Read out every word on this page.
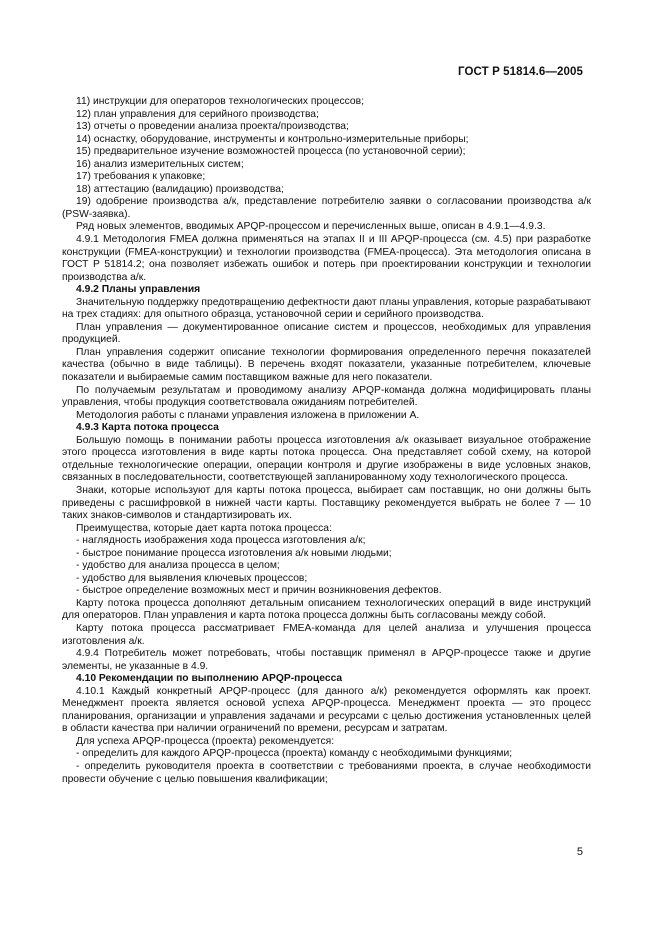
ГОСТ Р 51814.6—2005

11) инструкции для операторов технологических процессов;

12) план управления для серийного производства;

13) отчеты о проведении анализа проекта/производства;

14) оснастку, оборудование, инструменты и контрольно-измерительные приборы;

15) предварительное изучение возможностей процесса (по установочной серии);

16) анализ измерительных систем;

17) требования к упаковке;

18) аттестацию (валидацию) производства;

19) одобрение производства а/к, представление потребителю заявки о согласовании производства а/к (PSW-заявка).

Ряд новых элементов, вводимых APQP-процессом и перечисленных выше, описан в 4.9.1—4.9.3.

4.9.1 Методология FMEA должна применяться на этапах II и III APQP-процесса (см. 4.5) при разработке конструкции (FMEA-конструкции) и технологии производства (FMEA-процесса). Эта методология описана в ГОСТ Р 51814.2; она позволяет избежать ошибок и потерь при проектировании конструкции и технологии производства а/к.

4.9.2 Планы управления

Значительную поддержку предотвращению дефектности дают планы управления, которые разрабатывают на трех стадиях: для опытного образца, установочной серии и серийного производства.

План управления — документированное описание систем и процессов, необходимых для управления продукцией.

План управления содержит описание технологии формирования определенного перечня показателей качества (обычно в виде таблицы). В перечень входят показатели, указанные потребителем, ключевые показатели и выбираемые самим поставщиком важные для него показатели.

По получаемым результатам и проводимому анализу APQP-команда должна модифицировать планы управления, чтобы продукция соответствовала ожиданиям потребителей.

Методология работы с планами управления изложена в приложении А.

4.9.3 Карта потока процесса

Большую помощь в понимании работы процесса изготовления а/к оказывает визуальное отображение этого процесса изготовления в виде карты потока процесса. Она представляет собой схему, на которой отдельные технологические операции, операции контроля и другие изображены в виде условных знаков, связанных в последовательности, соответствующей запланированному ходу технологического процесса.

Знаки, которые используют для карты потока процесса, выбирает сам поставщик, но они должны быть приведены с расшифровкой в нижней части карты. Поставщику рекомендуется выбрать не более 7 — 10 таких знаков-символов и стандартизировать их.

Преимущества, которые дает карта потока процесса:

- наглядность изображения хода процесса изготовления а/к;

- быстрое понимание процесса изготовления а/к новыми людьми;

- удобство для анализа процесса в целом;

- удобство для выявления ключевых процессов;

- быстрое определение возможных мест и причин возникновения дефектов.

Карту потока процесса дополняют детальным описанием технологических операций в виде инструкций для операторов. План управления и карта потока процесса должны быть согласованы между собой.

Карту потока процесса рассматривает FMEA-команда для целей анализа и улучшения процесса изготовления а/к.

4.9.4 Потребитель может потребовать, чтобы поставщик применял в APQP-процессе также и другие элементы, не указанные в 4.9.

4.10 Рекомендации по выполнению APQP-процесса

4.10.1 Каждый конкретный APQP-процесс (для данного а/к) рекомендуется оформлять как проект. Менеджмент проекта является основой успеха APQP-процесса. Менеджмент проекта — это процесс планирования, организации и управления задачами и ресурсами с целью достижения установленных целей в области качества при наличии ограничений по времени, ресурсам и затратам.

Для успеха APQP-процесса (проекта) рекомендуется:

- определить для каждого APQP-процесса (проекта) команду с необходимыми функциями;

- определить руководителя проекта в соответствии с требованиями проекта, в случае необходимости провести обучение с целью повышения квалификации;

5
